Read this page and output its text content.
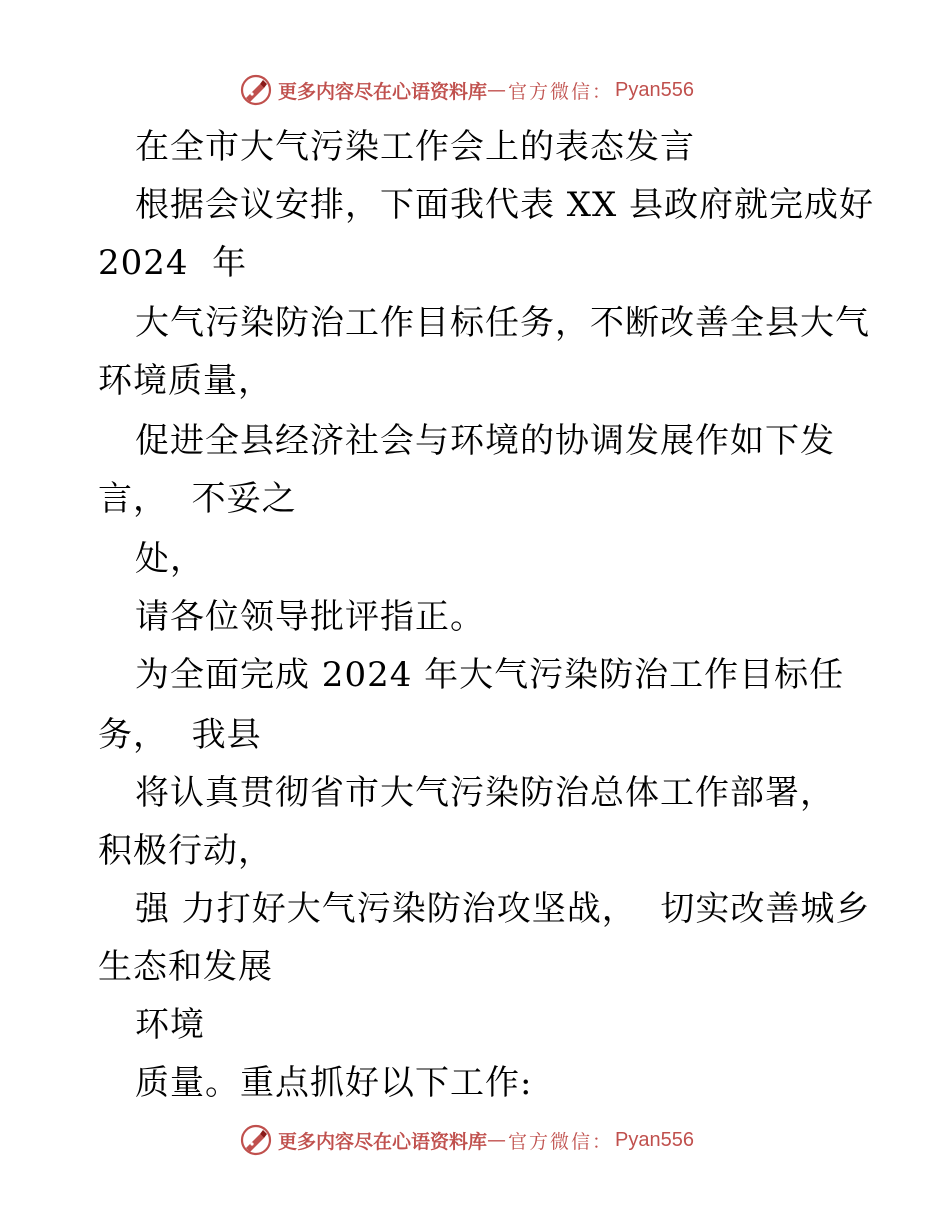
更多内容尽在心语资料库 — 官方微信： Pyan556
在全市大气污染工作会上的表态发言
根据会议安排，下面我代表 XX 县政府就完成好
2024  年
大气污染防治工作目标任务，不断改善全县大气
环境质量，
促进全县经济社会与环境的协调发展作如下发
言，  不妥之
处，
请各位领导批评指正。
为全面完成 2024 年大气污染防治工作目标任
务，  我县
将认真贯彻省市大气污染防治总体工作部署，
积极行动，
强 力打好大气污染防治攻坚战，  切实改善城乡
生态和发展
环境
质量。重点抓好以下工作:
更多内容尽在心语资料库 — 官方微信： Pyan556
